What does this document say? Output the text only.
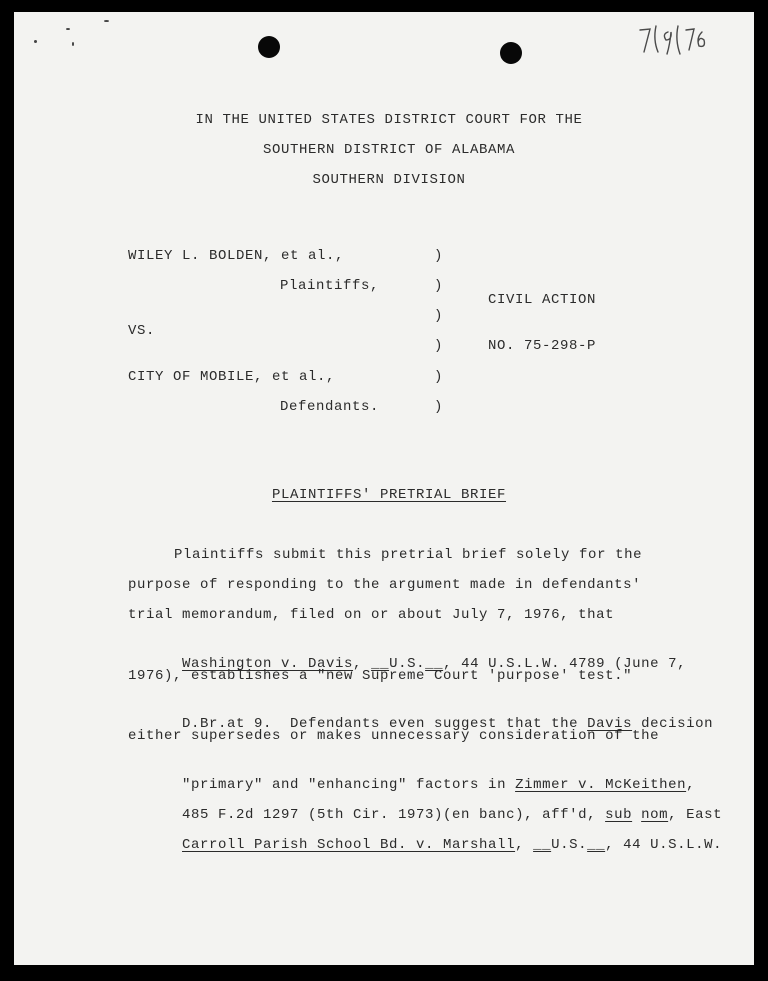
IN THE UNITED STATES DISTRICT COURT FOR THE
SOUTHERN DISTRICT OF ALABAMA
SOUTHERN DIVISION
WILEY L. BOLDEN, et al.,
Plaintiffs,
VS.
CITY OF MOBILE, et al.,
Defendants.
)
)
)
)
)
)
CIVIL ACTION
NO. 75-298-P
PLAINTIFFS' PRETRIAL BRIEF
Plaintiffs submit this pretrial brief solely for the
purpose of responding to the argument made in defendants'
trial memorandum, filed on or about July 7, 1976, that

Washington v. Davis, __U.S.__, 44 U.S.L.W. 4789 (June 7,

1976), establishes a "new Supreme Court 'purpose' test."

D.Br.at 9.  Defendants even suggest that the Davis decision

either supersedes or makes unnecessary consideration of the

"primary" and "enhancing" factors in Zimmer v. McKeithen,

485 F.2d 1297 (5th Cir. 1973)(en banc), aff'd, sub nom, East

Carroll Parish School Bd. v. Marshall, __U.S.__, 44 U.S.L.W.
